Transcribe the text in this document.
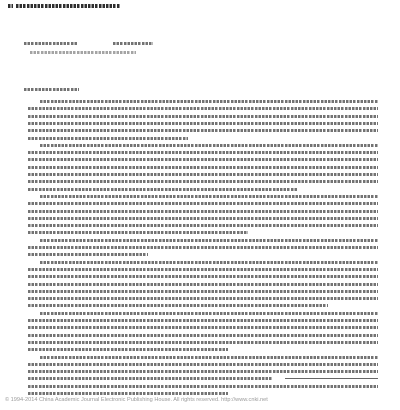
© 1994-2014 China Academic Journal Electronic Publishing House. All rights reserved. http://www.cnki.net
